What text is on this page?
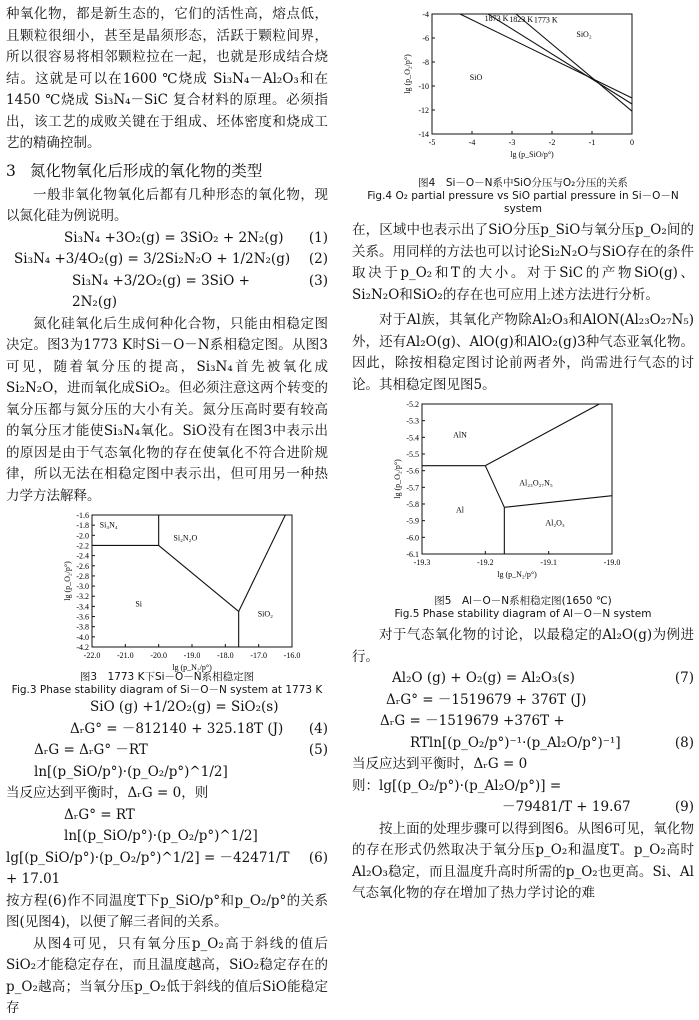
种氧化物，都是新生态的，它们的活性高，熔点低，且颗粒很细小，甚至是晶须形态，活跃于颗粒间界，所以很容易将相邻颗粒拉在一起，也就是形成结合烧结。这就是可以在1600 ℃烧成 Si₃N₄－Al₂O₃和在1450 ℃烧成 Si₃N₄－SiC 复合材料的原理。必须指出，该工艺的成败关键在于组成、坯体密度和烧成工艺的精确控制。

3 氮化物氧化后形成的氧化物的类型

一般非氧化物氧化后都有几种形态的氧化物，现以氮化硅为例说明。

Si₃N₄ +3O₂(g) = 3SiO₂ + 2N₂(g)	(1)
Si₃N₄ +3/4O₂(g) = 3/2Si₂N₂O + 1/2N₂(g)	(2)
Si₃N₄ +3/2O₂(g) = 3SiO + 2N₂(g)
(3)

氮化硅氧化后生成何种化合物，只能由相稳定图决定。图3为1773 K时Si－O－N系相稳定图。从图3可见，随着氧分压的提高，Si₃N₄首先被氧化成Si₂N₂O，进而氧化成SiO₂。但必须注意这两个转变的氧分压都与氮分压的大小有关。氮分压高时要有较高的氧分压才能使Si₃N₄氧化。SiO没有在图3中表示出的原因是由于气态氧化物的存在使氧化不符合进阶规律，所以无法在相稳定图中表示出，但可用另一种热力学方法解释。

-22.0 -21.0 -20.0 -19.0 -18.0 -17.0 -16.0
-1.6
-1.8
-2.0
-2.2
-2.4
-2.6
-2.8
-3.0
-3.2
-3.4
-3.6
-3.8
-4.0
-4.2
lg (p_N₂/p°)
lg (p_O₂/p°)
Si₃N₄
Si₂N₂O
Si
SiO₂
图3　1773 K下Si－O－N系相稳定图
Fig.3 Phase stability diagram of Si－O－N system at 1773 K
SiO (g) +1/2O₂(g) = SiO₂(s)
ΔᵣG° = －812140 + 325.18T (J)	(4)
ΔᵣG = ΔᵣG° －RT ln[(p_SiO/p°)·(p_O₂/p°)^1/2]
(5)

当反应达到平衡时，ΔᵣG = 0，则

ΔᵣG° = RT ln[(p_SiO/p°)·(p_O₂/p°)^1/2]
lg[(p_SiO/p°)·(p_O₂/p°)^1/2] = －42471/T + 17.01
(6)

按方程(6)作不同温度T下p_SiO/p°和p_O₂/p°的关系图(见图4)，以便了解三者间的关系。

从图4可见，只有氧分压p_O₂高于斜线的值后SiO₂才能稳定存在，而且温度越高，SiO₂稳定存在的p_O₂越高；当氧分压p_O₂低于斜线的值后SiO能稳定存

-5	-4	-3	-2	-1	0
-4
-6
-8
-10
-12
-14
lg (p_SiO/p°)
lg (p_O₂/p°)
1873 K 1823 K 1773 K
SiO₂
SiO
图4　Si－O－N系中SiO分压与O₂分压的关系
Fig.4 O₂ partial pressure vs SiO partial pressure in Si－O－N system

在，区域中也表示出了SiO分压p_SiO与氧分压p_O₂间的关系。用同样的方法也可以讨论Si₂N₂O与SiO存在的条件取决于p_O₂和T的大小。对于SiC的产物SiO(g)、Si₂N₂O和SiO₂的存在也可应用上述方法进行分析。

对于Al族，其氧化产物除Al₂O₃和AlON(Al₂₃O₂₇N₅)外，还有Al₂O(g)、AlO(g)和AlO₂(g)3种气态亚氧化物。因此，除按相稳定图讨论前两者外，尚需进行气态的讨论。其相稳定图见图5。

-19.3	-19.2	-19.1	-19.0
-5.2
-5.3
-5.4
-5.5
-5.6
-5.7
-5.8
-5.9
-6.0
-6.1
lg (p_N₂/p°)
lg (p_O₂/p°)
AlN
Al₂₃O₂₇N₅
Al
Al₂O₃
图5　Al－O－N系相稳定图(1650 ℃)
Fig.5 Phase stability diagram of Al－O－N system

对于气态氧化物的讨论，以最稳定的Al₂O(g)为例进行。

Al₂O (g) + O₂(g) = Al₂O₃(s)	(7)
ΔᵣG° = －1519679 + 376T (J)
ΔᵣG = －1519679 +376T +
RTln[(p_O₂/p°)⁻¹·(p_Al₂O/p°)⁻¹]	(8)

当反应达到平衡时，ΔᵣG = 0

则：lg[(p_O₂/p°)·(p_Al₂O/p°)] =
－79481/T + 19.67	(9)

按上面的处理步骤可以得到图6。从图6可见，氧化物的存在形式仍然取决于氧分压p_O₂和温度T。p_O₂高时Al₂O₃稳定，而且温度升高时所需的p_O₂也更高。Si、Al气态氧化物的存在增加了热力学讨论的难
